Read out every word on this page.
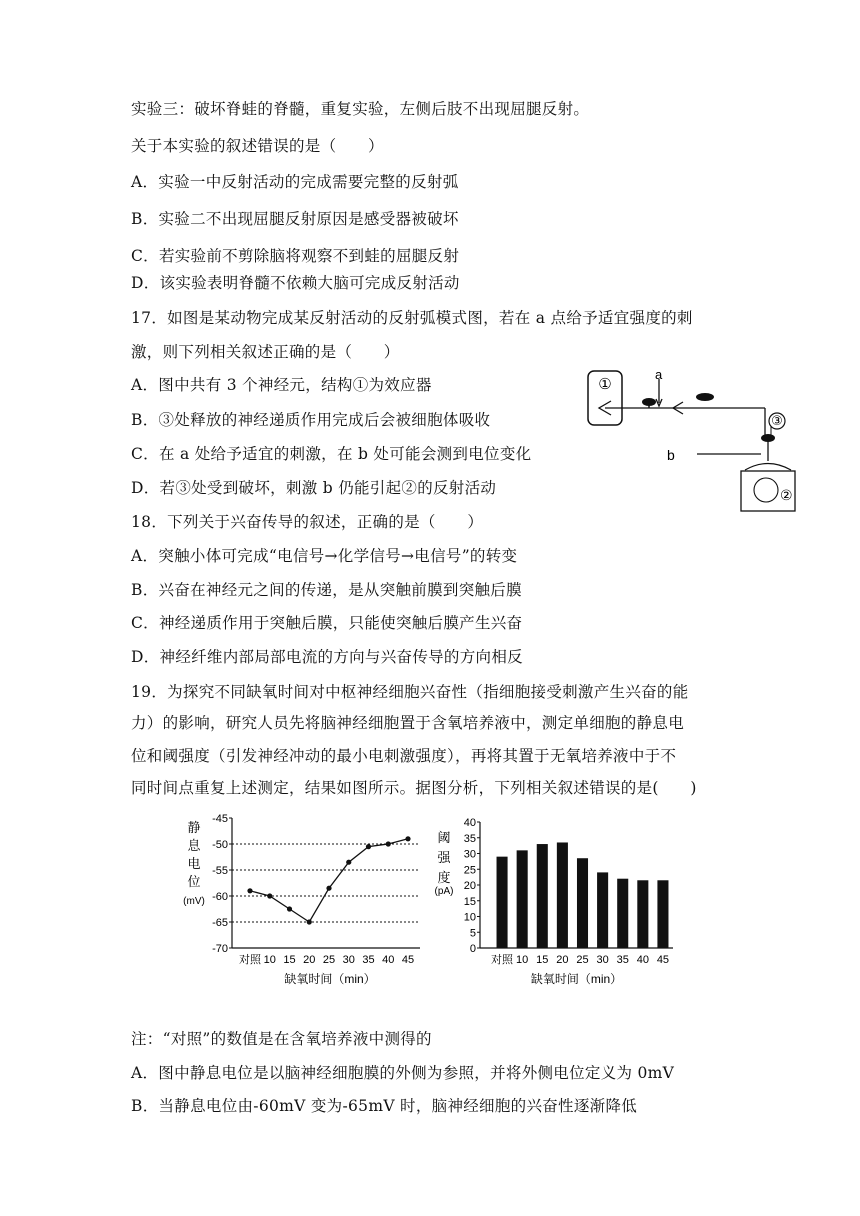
实验三：破坏脊蛙的脊髓，重复实验，左侧后肢不出现屈腿反射。
关于本实验的叙述错误的是（　　）
A．实验一中反射活动的完成需要完整的反射弧
B．实验二不出现屈腿反射原因是感受器被破坏
C．若实验前不剪除脑将观察不到蛙的屈腿反射
D．该实验表明脊髓不依赖大脑可完成反射活动
17．如图是某动物完成某反射活动的反射弧模式图，若在 a 点给予适宜强度的刺
激，则下列相关叙述正确的是（　　）
A．图中共有 3 个神经元，结构①为效应器
B．③处释放的神经递质作用完成后会被细胞体吸收
C．在 a 处给予适宜的刺激，在 b 处可能会测到电位变化
D．若③处受到破坏，刺激 b 仍能引起②的反射活动
18．下列关于兴奋传导的叙述，正确的是（　　）
A．突触小体可完成“电信号→化学信号→电信号”的转变
B．兴奋在神经元之间的传递，是从突触前膜到突触后膜
C．神经递质作用于突触后膜，只能使突触后膜产生兴奋
D．神经纤维内部局部电流的方向与兴奋传导的方向相反
19．为探究不同缺氧时间对中枢神经细胞兴奋性（指细胞接受刺激产生兴奋的能
力）的影响，研究人员先将脑神经细胞置于含氧培养液中，测定单细胞的静息电
位和阈强度（引发神经冲动的最小电刺激强度），再将其置于无氧培养液中于不
同时间点重复上述测定，结果如图所示。据图分析，下列相关叙述错误的是(　　)
注：“对照”的数值是在含氧培养液中测得的
A．图中静息电位是以脑神经细胞膜的外侧为参照，并将外侧电位定义为 0mV
B．当静息电位由-60mV 变为-65mV 时，脑神经细胞的兴奋性逐渐降低
①
a
③
b
②
-45
-50
-55
-60
-65
-70
静
息
电
位
(mV)
对照 10 15 20 25 30 35 40 45
缺氧时间（min）
0
5
10
15
20
25
30
35
40
阈
强
度
(pA)
对照 10 15 20 25 30 35 40 45
缺氧时间（min）
